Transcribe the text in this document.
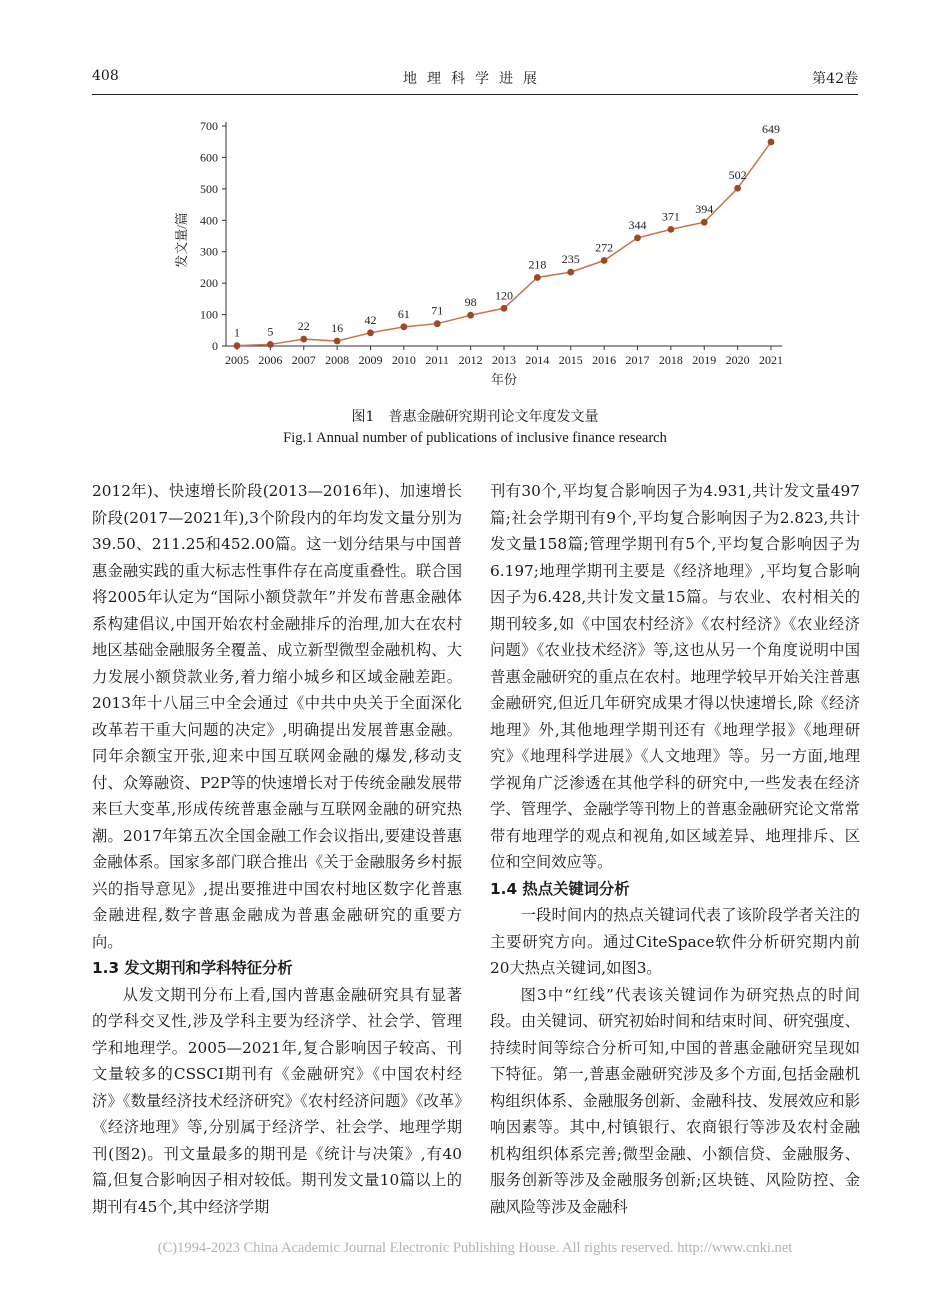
408	地理科学进展	第42卷
0
100
200
300
400
500
600
700
2005 2006 2007 2008 2009 2010 2011 2012 2013 2014 2015 2016 2017 2018 2019 2020 2021
年份
发文量/篇
1 5 22 16
42 61 71
98 120
218 235
272
344
371
394
502
649
图1　普惠金融研究期刊论文年度发文量
Fig.1 Annual number of publications of inclusive finance research

2012年)、快速增长阶段(2013—2016年)、加速增长阶段(2017—2021年),3个阶段内的年均发文量分别为39.50、211.25和452.00篇。这一划分结果与中国普惠金融实践的重大标志性事件存在高度重叠性。联合国将2005年认定为“国际小额贷款年”并发布普惠金融体系构建倡议,中国开始农村金融排斥的治理,加大在农村地区基础金融服务全覆盖、成立新型微型金融机构、大力发展小额贷款业务,着力缩小城乡和区域金融差距。2013年十八届三中全会通过《中共中央关于全面深化改革若干重大问题的决定》,明确提出发展普惠金融。同年余额宝开张,迎来中国互联网金融的爆发,移动支付、众筹融资、P2P等的快速增长对于传统金融发展带来巨大变革,形成传统普惠金融与互联网金融的研究热潮。2017年第五次全国金融工作会议指出,要建设普惠金融体系。国家多部门联合推出《关于金融服务乡村振兴的指导意见》,提出要推进中国农村地区数字化普惠金融进程,数字普惠金融成为普惠金融研究的重要方向。

1.3 发文期刊和学科特征分析

从发文期刊分布上看,国内普惠金融研究具有显著的学科交叉性,涉及学科主要为经济学、社会学、管理学和地理学。2005—2021年,复合影响因子较高、刊文量较多的CSSCI期刊有《金融研究》《中国农村经济》《数量经济技术经济研究》《农村经济问题》《改革》《经济地理》等,分别属于经济学、社会学、地理学期刊(图2)。刊文量最多的期刊是《统计与决策》,有40篇,但复合影响因子相对较低。期刊发文量10篇以上的期刊有45个,其中经济学期

刊有30个,平均复合影响因子为4.931,共计发文量497篇;社会学期刊有9个,平均复合影响因子为2.823,共计发文量158篇;管理学期刊有5个,平均复合影响因子为6.197;地理学期刊主要是《经济地理》,平均复合影响因子为6.428,共计发文量15篇。与农业、农村相关的期刊较多,如《中国农村经济》《农村经济》《农业经济问题》《农业技术经济》等,这也从另一个角度说明中国普惠金融研究的重点在农村。地理学较早开始关注普惠金融研究,但近几年研究成果才得以快速增长,除《经济地理》外,其他地理学期刊还有《地理学报》《地理研究》《地理科学进展》《人文地理》等。另一方面,地理学视角广泛渗透在其他学科的研究中,一些发表在经济学、管理学、金融学等刊物上的普惠金融研究论文常常带有地理学的观点和视角,如区域差异、地理排斥、区位和空间效应等。

1.4 热点关键词分析

一段时间内的热点关键词代表了该阶段学者关注的主要研究方向。通过CiteSpace软件分析研究期内前20大热点关键词,如图3。

图3中“红线”代表该关键词作为研究热点的时间段。由关键词、研究初始时间和结束时间、研究强度、持续时间等综合分析可知,中国的普惠金融研究呈现如下特征。第一,普惠金融研究涉及多个方面,包括金融机构组织体系、金融服务创新、金融科技、发展效应和影响因素等。其中,村镇银行、农商银行等涉及农村金融机构组织体系完善;微型金融、小额信贷、金融服务、服务创新等涉及金融服务创新;区块链、风险防控、金融风险等涉及金融科

(C)1994-2023 China Academic Journal Electronic Publishing House. All rights reserved. http://www.cnki.net
